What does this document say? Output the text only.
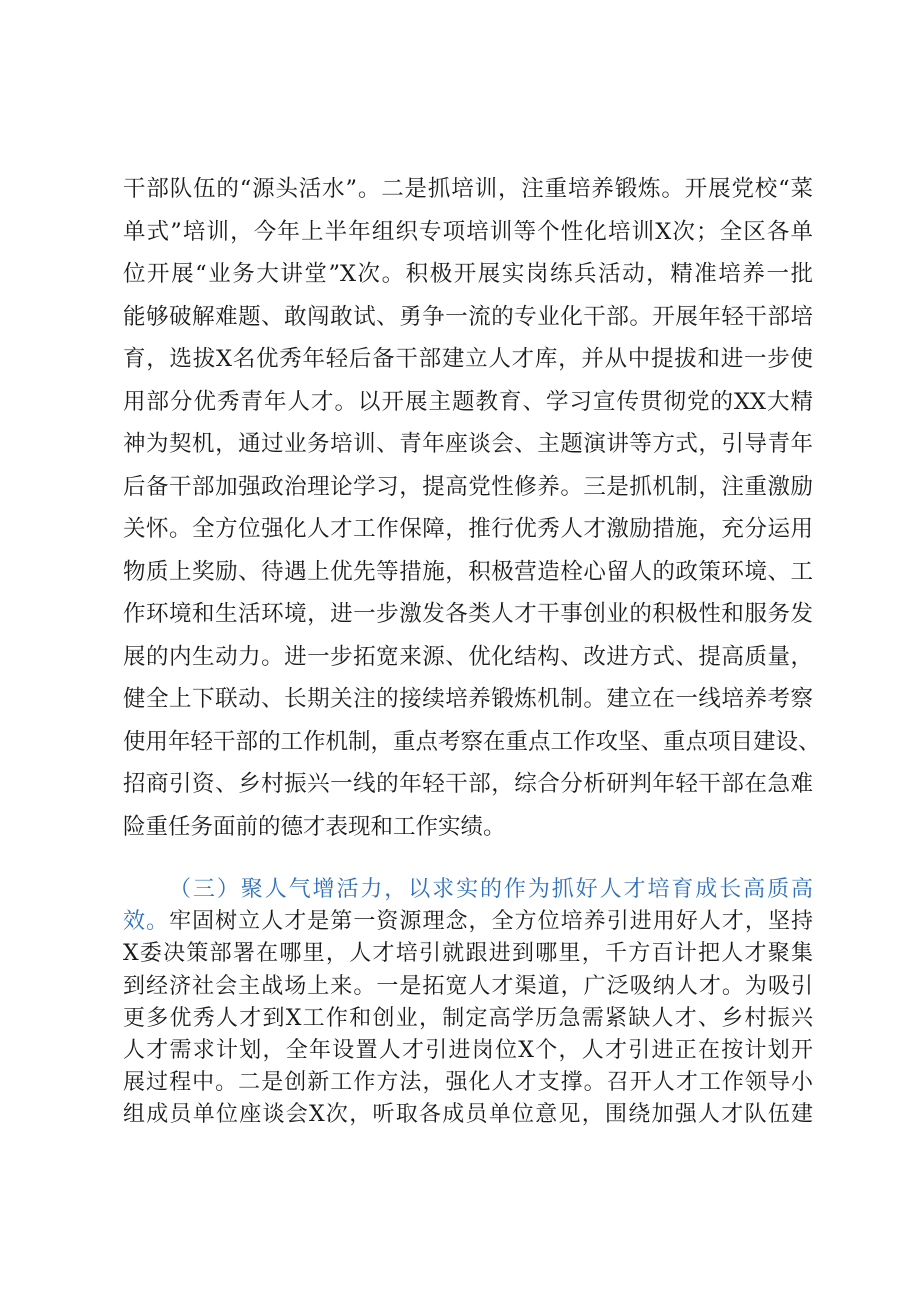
干部队伍的“源头活水”。二是抓培训，注重培养锻炼。开展党校“菜
单式”培训，今年上半年组织专项培训等个性化培训X次；全区各单
位开展“业务大讲堂”X次。积极开展实岗练兵活动，精准培养一批
能够破解难题、敢闯敢试、勇争一流的专业化干部。开展年轻干部培
育，选拔X名优秀年轻后备干部建立人才库，并从中提拔和进一步使
用部分优秀青年人才。以开展主题教育、学习宣传贯彻党的XX大精
神为契机，通过业务培训、青年座谈会、主题演讲等方式，引导青年
后备干部加强政治理论学习，提高党性修养。三是抓机制，注重激励
关怀。全方位强化人才工作保障，推行优秀人才激励措施，充分运用
物质上奖励、待遇上优先等措施，积极营造栓心留人的政策环境、工
作环境和生活环境，进一步激发各类人才干事创业的积极性和服务发
展的内生动力。进一步拓宽来源、优化结构、改进方式、提高质量，
健全上下联动、长期关注的接续培养锻炼机制。建立在一线培养考察
使用年轻干部的工作机制，重点考察在重点工作攻坚、重点项目建设、
招商引资、乡村振兴一线的年轻干部，综合分析研判年轻干部在急难
险重任务面前的德才表现和工作实绩。
（三）聚人气增活力，以求实的作为抓好人才培育成长高质高
效。牢固树立人才是第一资源理念，全方位培养引进用好人才，坚持
X委决策部署在哪里，人才培引就跟进到哪里，千方百计把人才聚集
到经济社会主战场上来。一是拓宽人才渠道，广泛吸纳人才。为吸引
更多优秀人才到X工作和创业，制定高学历急需紧缺人才、乡村振兴
人才需求计划，全年设置人才引进岗位X个，人才引进正在按计划开
展过程中。二是创新工作方法，强化人才支撑。召开人才工作领导小
组成员单位座谈会X次，听取各成员单位意见，围绕加强人才队伍建
